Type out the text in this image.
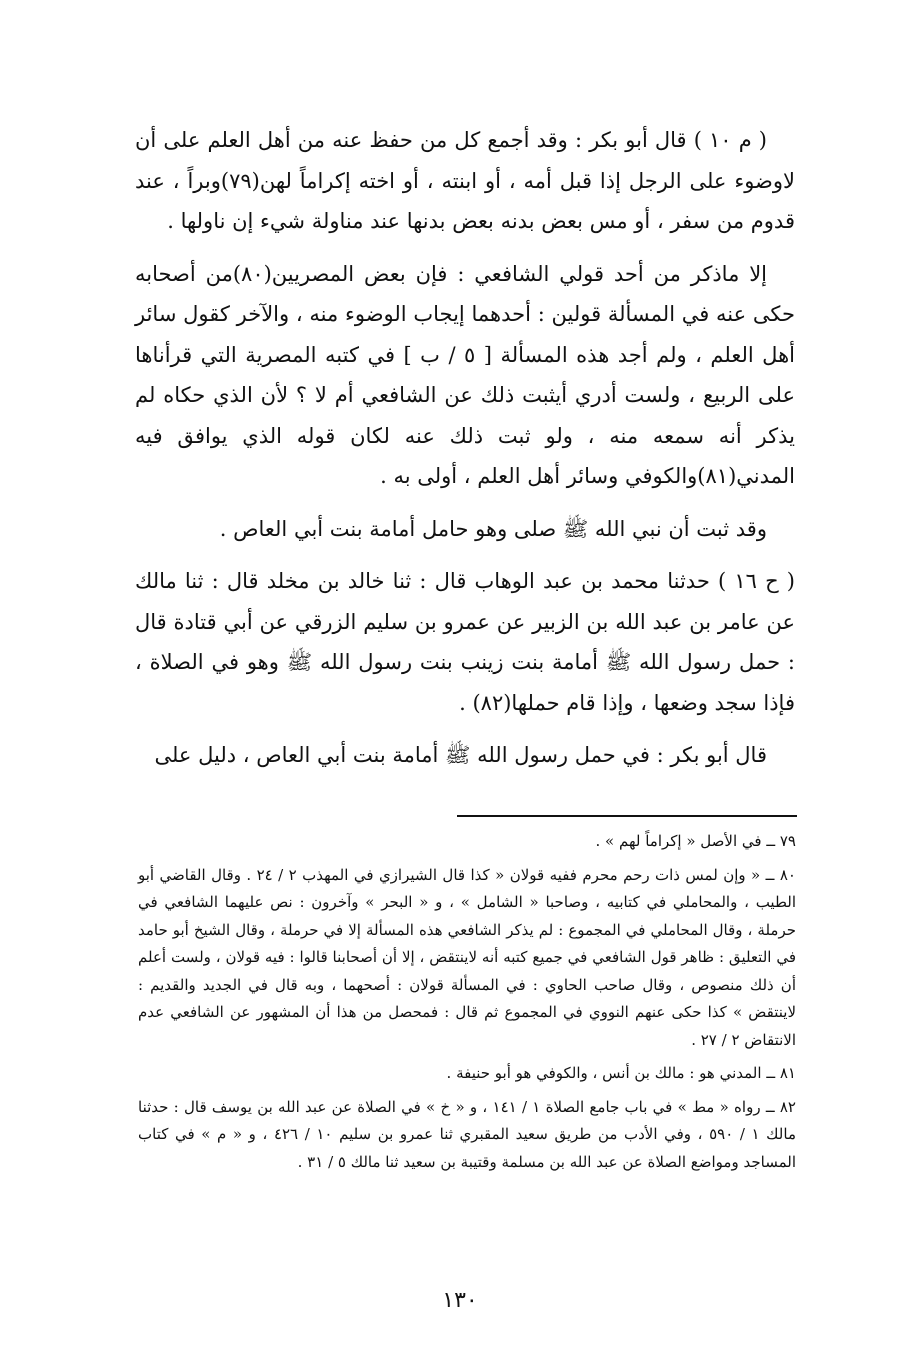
( م ١٠ ) قال أبو بكر : وقد أجمع كل من حفظ عنه من أهل العلم على أن لاوضوء على الرجل إذا قبل أمه ، أو ابنته ، أو اخته إكراماً لهن(٧٩)وبراً ، عند قدوم من سفر ، أو مس بعض بدنه بعض بدنها عند مناولة شيء إن ناولها .

إلا ماذكر من أحد قولي الشافعي : فإن بعض المصريين(٨٠)من أصحابه حكى عنه في المسألة قولين : أحدهما إيجاب الوضوء منه ، والآخر كقول سائر أهل العلم ، ولم أجد هذه المسألة [ ٥ / ب ] في كتبه المصرية التي قرأناها على الربيع ، ولست أدري أيثبت ذلك عن الشافعي أم لا ؟ لأن الذي حكاه لم يذكر أنه سمعه منه ، ولو ثبت ذلك عنه لكان قوله الذي يوافق فيه المدني(٨١)والكوفي وسائر أهل العلم ، أولى به .

وقد ثبت أن نبي الله ﷺ صلى وهو حامل أمامة بنت أبي العاص .

( ح ١٦ ) حدثنا محمد بن عبد الوهاب قال : ثنا خالد بن مخلد قال : ثنا مالك عن عامر بن عبد الله بن الزبير عن عمرو بن سليم الزرقي عن أبي قتادة قال : حمل رسول الله ﷺ أمامة بنت زينب بنت رسول الله ﷺ وهو في الصلاة ، فإذا سجد وضعها ، وإذا قام حملها(٨٢) .

قال أبو بكر : في حمل رسول الله ﷺ أمامة بنت أبي العاص ، دليل على

٧٩ ــ في الأصل « إكراماً لهم » .

٨٠ ــ « وإن لمس ذات رحم محرم ففيه قولان « كذا قال الشيرازي في المهذب ٢ / ٢٤ . وقال القاضي أبو الطيب ، والمحاملي في كتابيه ، وصاحبا « الشامل » ، و « البحر » وآخرون : نص عليهما الشافعي في حرملة ، وقال المحاملي في المجموع : لم يذكر الشافعي هذه المسألة إلا في حرملة ، وقال الشيخ أبو حامد في التعليق : ظاهر قول الشافعي في جميع كتبه أنه لاينتقض ، إلا أن أصحابنا قالوا : فيه قولان ، ولست أعلم أن ذلك منصوص ، وقال صاحب الحاوي : في المسألة قولان : أصحهما ، وبه قال في الجديد والقديم : لاينتقض » كذا حكى عنهم النووي في المجموع ثم قال : فمحصل من هذا أن المشهور عن الشافعي عدم الانتقاض ٢ / ٢٧ .

٨١ ــ المدني هو : مالك بن أنس ، والكوفي هو أبو حنيفة .

٨٢ ــ رواه « مط » في باب جامع الصلاة ١ / ١٤١ ، و « خ » في الصلاة عن عبد الله بن يوسف قال : حدثنا مالك ١ / ٥٩٠ ، وفي الأدب من طريق سعيد المقبري ثنا عمرو بن سليم ١٠ / ٤٢٦ ، و « م » في كتاب المساجد ومواضع الصلاة عن عبد الله بن مسلمة وقتيبة بن سعيد ثنا مالك ٥ / ٣١ .

١٣٠
